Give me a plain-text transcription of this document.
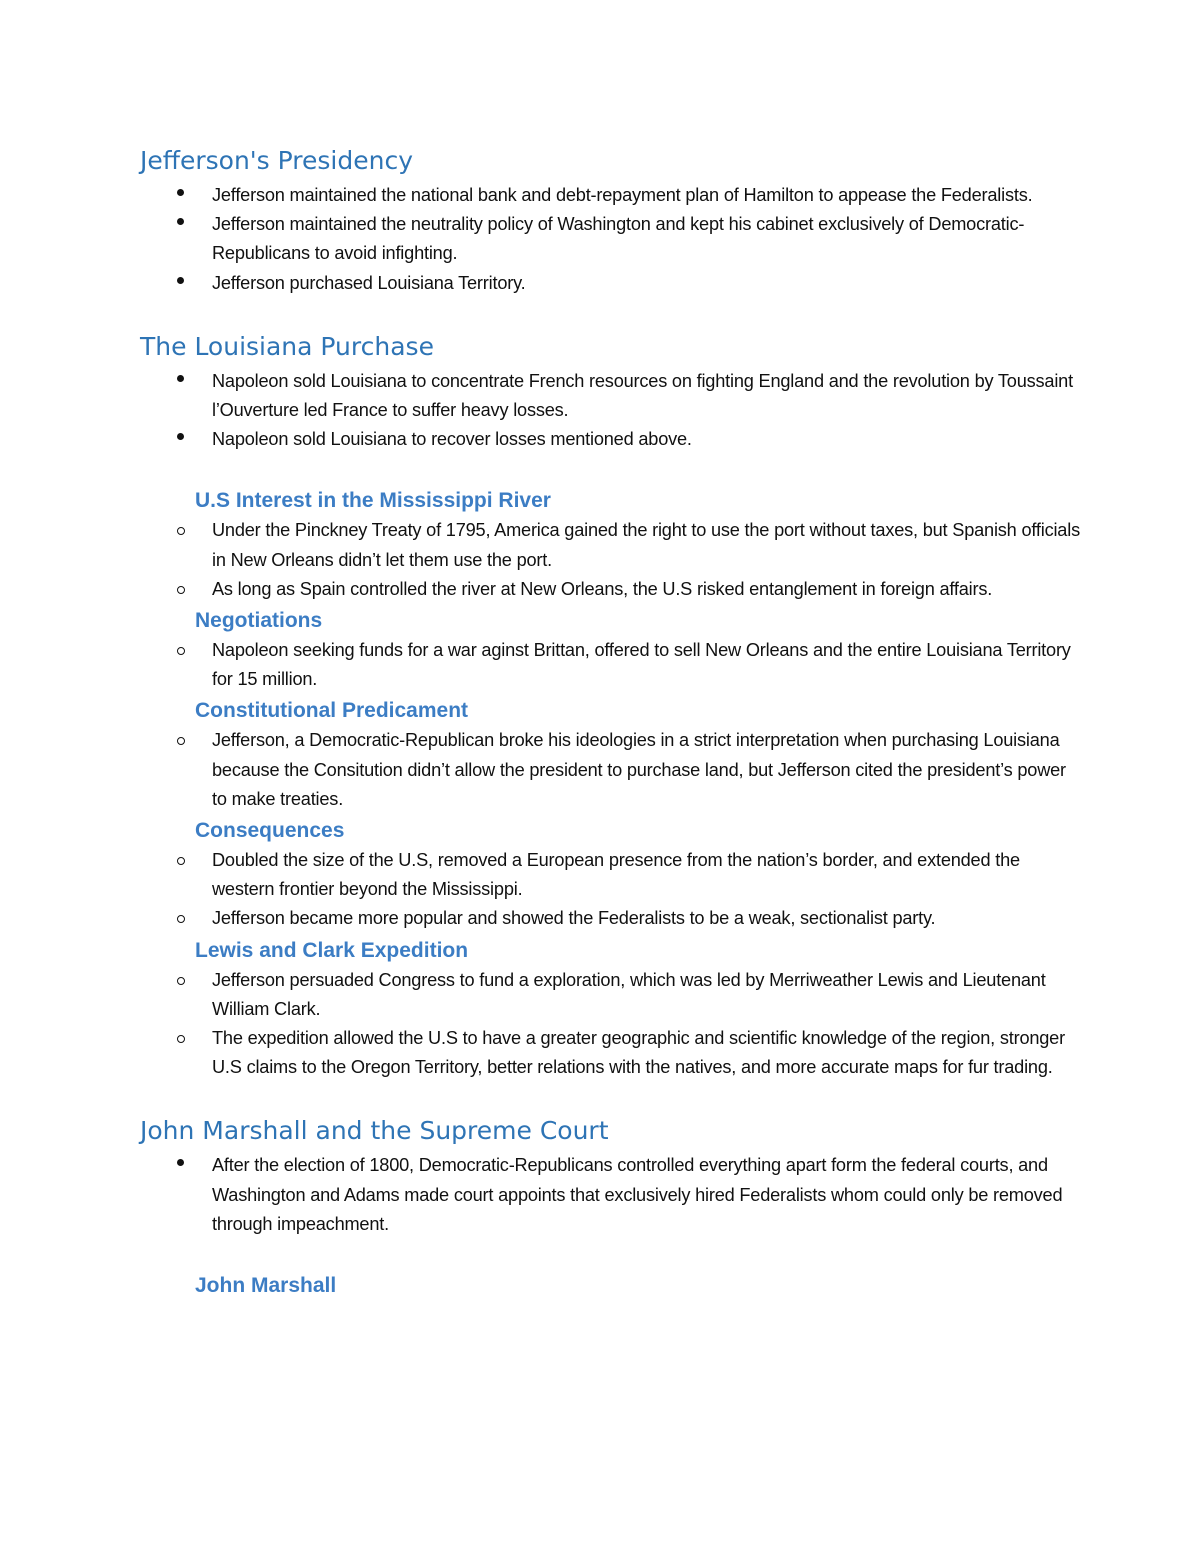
Jefferson's Presidency
Jefferson maintained the national bank and debt-repayment plan of Hamilton to appease the Federalists.
Jefferson maintained the neutrality policy of Washington and kept his cabinet exclusively of Democratic-Republicans to avoid infighting.
Jefferson purchased Louisiana Territory.
The Louisiana Purchase
Napoleon sold Louisiana to concentrate French resources on fighting England and the revolution by Toussaint l’Ouverture led France to suffer heavy losses.
Napoleon sold Louisiana to recover losses mentioned above.
U.S Interest in the Mississippi River
Under the Pinckney Treaty of 1795, America gained the right to use the port without taxes, but Spanish officials in New Orleans didn’t let them use the port.
As long as Spain controlled the river at New Orleans, the U.S risked entanglement in foreign affairs.
Negotiations
Napoleon seeking funds for a war aginst Brittan, offered to sell New Orleans and the entire Louisiana Territory for 15 million.
Constitutional Predicament
Jefferson, a Democratic-Republican broke his ideologies in a strict interpretation when purchasing Louisiana because the Consitution didn’t allow the president to purchase land, but Jefferson cited the president’s power to make treaties.
Consequences
Doubled the size of the U.S, removed a European presence from the nation’s border, and extended the western frontier beyond the Mississippi.
Jefferson became more popular and showed the Federalists to be a weak, sectionalist party.
Lewis and Clark Expedition
Jefferson persuaded Congress to fund a exploration, which was led by Merriweather Lewis and Lieutenant William Clark.
The expedition allowed the U.S to have a greater geographic and scientific knowledge of the region, stronger U.S claims to the Oregon Territory, better relations with the natives, and more accurate maps for fur trading.
John Marshall and the Supreme Court
After the election of 1800, Democratic-Republicans controlled everything apart form the federal courts, and Washington and Adams made court appoints that exclusively hired Federalists whom could only be removed through impeachment.
John Marshall
